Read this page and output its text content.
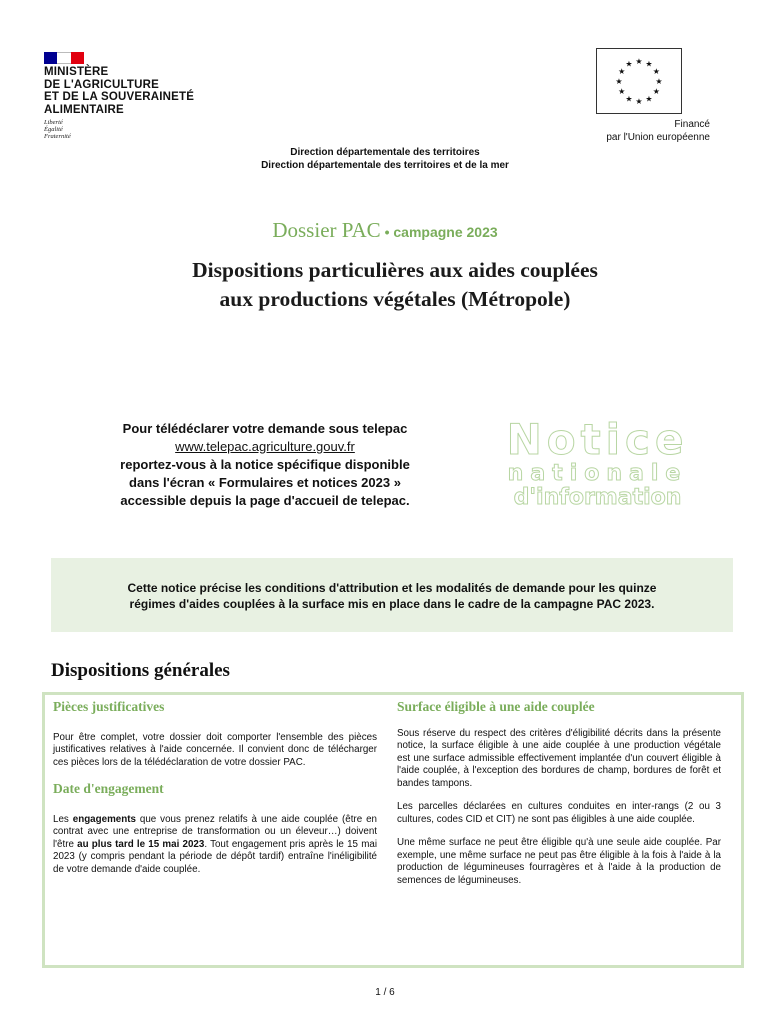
MINISTÈRE
DE L'AGRICULTURE
ET DE LA SOUVERAINETÉ
ALIMENTAIRE
Liberté
Égalité
Fraternité
★ ★
★
★
★
★
★
★
★
★
★
★
Financé
par l'Union européenne
Direction départementale des territoires
Direction départementale des territoires et de la mer
Dossier PAC • campagne 2023
Dispositions particulières aux aides couplées
aux productions végétales (Métropole)
Pour télédéclarer votre demande sous telepac
www.telepac.agriculture.gouv.fr
reportez-vous à la notice spécifique disponible
dans l'écran « Formulaires et notices 2023 »
accessible depuis la page d'accueil de telepac.
Notice
nationale
d'information
Cette notice précise les conditions d'attribution et les modalités de demande pour les quinze
régimes d'aides couplées à la surface mis en place dans le cadre de la campagne PAC 2023.
Dispositions générales
Pièces justificatives

Pour être complet, votre dossier doit comporter l'ensemble des pièces justificatives relatives à l'aide concernée. Il convient donc de télécharger ces pièces lors de la télédéclaration de votre dossier PAC.

Date d'engagement

Les engagements que vous prenez relatifs à une aide couplée (être en contrat avec une entreprise de transformation ou un éleveur…) doivent l'être au plus tard le 15 mai 2023. Tout engagement pris après le 15 mai 2023 (y compris pendant la période de dépôt tardif) entraîne l'inéligibilité de votre demande d'aide couplée.

Surface éligible à une aide couplée

Sous réserve du respect des critères d'éligibilité décrits dans la présente notice, la surface éligible à une aide couplée à une production végétale est une surface admissible effectivement implantée d'un couvert éligible à l'aide couplée, à l'exception des bordures de champ, bordures de forêt et bandes tampons.

Les parcelles déclarées en cultures conduites en inter-rangs (2 ou 3 cultures, codes CID et CIT) ne sont pas éligibles à une aide couplée.

Une même surface ne peut être éligible qu'à une seule aide couplée. Par exemple, une même surface ne peut pas être éligible à la fois à l'aide à la production de légumineuses fourragères et à l'aide à la production de semences de légumineuses.

1 / 6
